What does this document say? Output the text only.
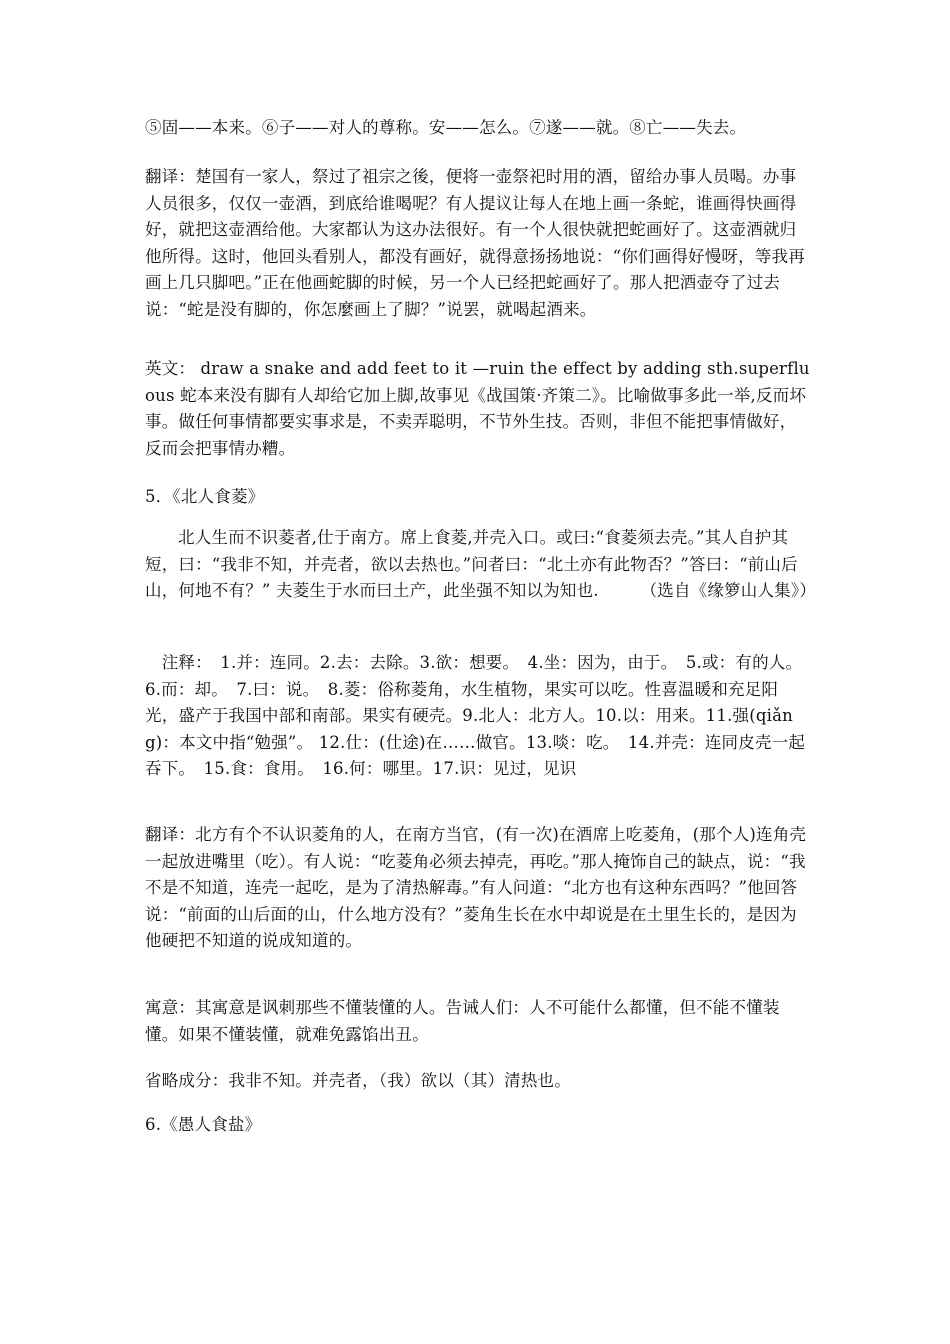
⑤固——本来。⑥子——对人的尊称。安——怎么。⑦遂——就。⑧亡——失去。
翻译：楚国有一家人，祭过了祖宗之後，便将一壶祭祀时用的酒，留给办事人员喝。办事人员很多，仅仅一壶酒，到底给谁喝呢？有人提议让每人在地上画一条蛇，谁画得快画得好，就把这壶酒给他。大家都认为这办法很好。有一个人很快就把蛇画好了。这壶酒就归他所得。这时，他回头看别人，都没有画好，就得意扬扬地说：“你们画得好慢呀，等我再画上几只脚吧。”正在他画蛇脚的时候，另一个人已经把蛇画好了。那人把酒壶夺了过去说：“蛇是没有脚的，你怎麼画上了脚？”说罢，就喝起酒来。
英文： draw a snake and add feet to it —ruin the effect by adding sth.superfluous 蛇本来没有脚有人却给它加上脚,故事见《战国策·齐策二》。比喻做事多此一举,反而坏事。做任何事情都要实事求是，不卖弄聪明，不节外生技。否则，非但不能把事情做好，反而会把事情办糟。
5．《北人食菱》
北人生而不识菱者,仕于南方。席上食菱,并壳入口。或曰:“食菱须去壳。”其人自护其短，曰：“我非不知，并壳者，欲以去热也。”问者曰：“北土亦有此物否？”答曰：“前山后山，何地不有？” 夫菱生于水而曰土产，此坐强不知以为知也.　　　（选自《缘箩山人集》）
　注释：　1.并：连同。2.去：去除。3.欲：想要。　4.坐：因为，由于。　5.或：有的人。　6.而：却。　7.曰：说。　8.菱：俗称菱角，水生植物，果实可以吃。性喜温暖和充足阳光，盛产于我国中部和南部。果实有硬壳。9.北人：北方人。10.以：用来。11.强(qiǎng)：本文中指“勉强”。 12.仕：(仕途)在……做官。13.啖：吃。　14.并壳：连同皮壳一起吞下。　15.食：食用。　16.何：哪里。17.识：见过，见识
翻译：北方有个不认识菱角的人，在南方当官，(有一次)在酒席上吃菱角，(那个人)连角壳一起放进嘴里（吃）。有人说：“吃菱角必须去掉壳，再吃。”那人掩饰自己的缺点，说：“我不是不知道，连壳一起吃，是为了清热解毒。”有人问道：“北方也有这种东西吗？”他回答说：“前面的山后面的山，什么地方没有？”菱角生长在水中却说是在土里生长的，是因为他硬把不知道的说成知道的。
寓意：其寓意是讽刺那些不懂装懂的人。告诫人们：人不可能什么都懂，但不能不懂装懂。如果不懂装懂，就难免露馅出丑。
省略成分：我非不知。并壳者，（我）欲以（其）清热也。
6.《愚人食盐》
